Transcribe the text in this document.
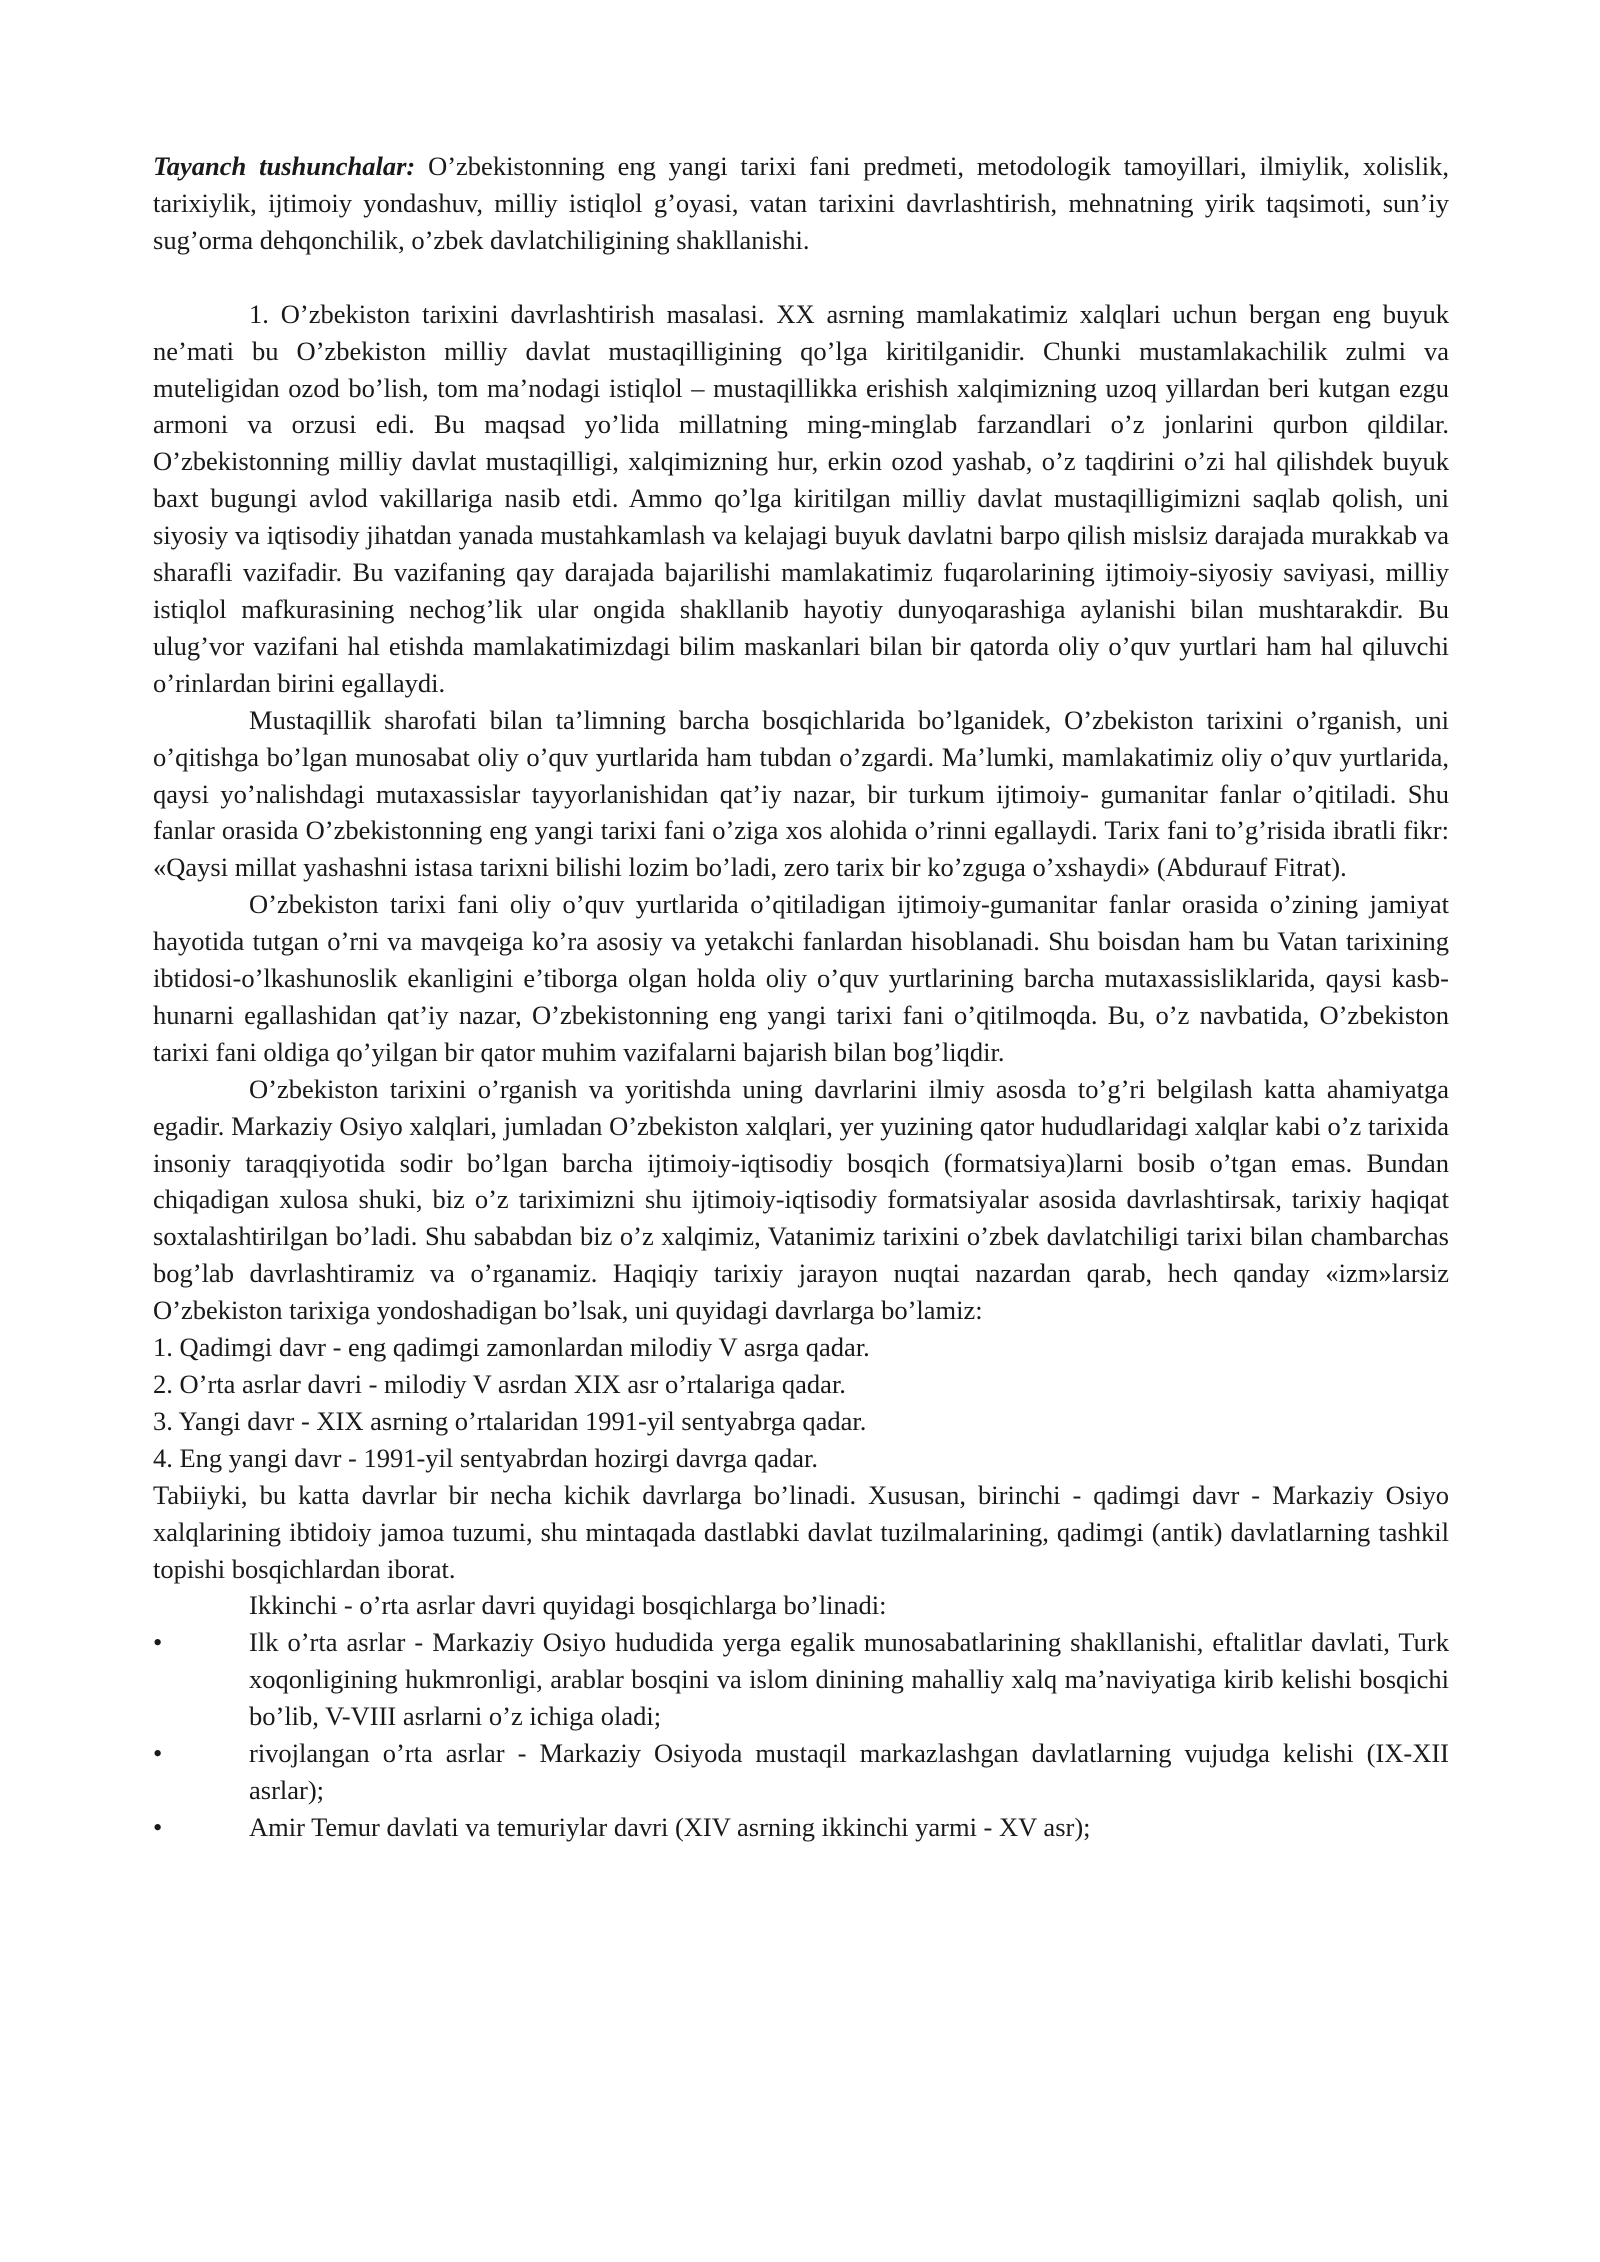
Tayanch tushunchalar: O’zbekistonning eng yangi tarixi fani predmeti, metodologik tamoyillari, ilmiylik, xolislik, tarixiylik, ijtimoiy yondashuv, milliy istiqlol g’oyasi, vatan tarixini davrlashtirish, mehnatning yirik taqsimoti, sun’iy sug’orma dehqonchilik, o’zbek davlatchiligining shakllanishi.

1. O’zbekiston tarixini davrlashtirish masalasi. XX asrning mamlakatimiz xalqlari uchun bergan eng buyuk ne’mati bu O’zbekiston milliy davlat mustaqilligining qo’lga kiritilganidir. Chunki mustamlakachilik zulmi va muteligidan ozod bo’lish, tom ma’nodagi istiqlol – mustaqillikka erishish xalqimizning uzoq yillardan beri kutgan ezgu armoni va orzusi edi. Bu maqsad yo’lida millatning ming-minglab farzandlari o’z jonlarini qurbon qildilar. O’zbekistonning milliy davlat mustaqilligi, xalqimizning hur, erkin ozod yashab, o’z taqdirini o’zi hal qilishdek buyuk baxt bugungi avlod vakillariga nasib etdi. Ammo qo’lga kiritilgan milliy davlat mustaqilligimizni saqlab qolish, uni siyosiy va iqtisodiy jihatdan yanada mustahkamlash va kelajagi buyuk davlatni barpo qilish mislsiz darajada murakkab va sharafli vazifadir. Bu vazifaning qay darajada bajarilishi mamlakatimiz fuqarolarining ijtimoiy-siyosiy saviyasi, milliy istiqlol mafkurasining nechog’lik ular ongida shakllanib hayotiy dunyoqarashiga aylanishi bilan mushtarakdir. Bu ulug’vor vazifani hal etishda mamlakatimizdagi bilim maskanlari bilan bir qatorda oliy o’quv yurtlari ham hal qiluvchi o’rinlardan birini egallaydi.

Mustaqillik sharofati bilan ta’limning barcha bosqichlarida bo’lganidek, O’zbekiston tarixini o’rganish, uni o’qitishga bo’lgan munosabat oliy o’quv yurtlarida ham tubdan o’zgardi. Ma’lumki, mamlakatimiz oliy o’quv yurtlarida, qaysi yo’nalishdagi mutaxassislar tayyorlanishidan qat’iy nazar, bir turkum ijtimoiy- gumanitar fanlar o’qitiladi. Shu fanlar orasida O’zbekistonning eng yangi tarixi fani o’ziga xos alohida o’rinni egallaydi. Tarix fani to’g’risida ibratli fikr: «Qaysi millat yashashni istasa tarixni bilishi lozim bo’ladi, zero tarix bir ko’zguga o’xshaydi» (Abdurauf Fitrat).

O’zbekiston tarixi fani oliy o’quv yurtlarida o’qitiladigan ijtimoiy-gumanitar fanlar orasida o’zining jamiyat hayotida tutgan o’rni va mavqeiga ko’ra asosiy va yetakchi fanlardan hisoblanadi. Shu boisdan ham bu Vatan tarixining ibtidosi-o’lkashunoslik ekanligini e’tiborga olgan holda oliy o’quv yurtlarining barcha mutaxassisliklarida, qaysi kasb-hunarni egallashidan qat’iy nazar, O’zbekistonning eng yangi tarixi fani o’qitilmoqda. Bu, o’z navbatida, O’zbekiston tarixi fani oldiga qo’yilgan bir qator muhim vazifalarni bajarish bilan bog’liqdir.

O’zbekiston tarixini o’rganish va yoritishda uning davrlarini ilmiy asosda to’g’ri belgilash katta ahamiyatga egadir. Markaziy Osiyo xalqlari, jumladan O’zbekiston xalqlari, yer yuzining qator hududlaridagi xalqlar kabi o’z tarixida insoniy taraqqiyotida sodir bo’lgan barcha ijtimoiy-iqtisodiy bosqich (formatsiya)larni bosib o’tgan emas. Bundan chiqadigan xulosa shuki, biz o’z tariximizni shu ijtimoiy-iqtisodiy formatsiyalar asosida davrlashtirsak, tarixiy haqiqat soxtalashtirilgan bo’ladi. Shu sababdan biz o’z xalqimiz, Vatanimiz tarixini o’zbek davlatchiligi tarixi bilan chambarchas bog’lab davrlashtiramiz va o’rganamiz. Haqiqiy tarixiy jarayon nuqtai nazardan qarab, hech qanday «izm»larsiz O’zbekiston tarixiga yondoshadigan bo’lsak, uni quyidagi davrlarga bo’lamiz:

1. Qadimgi davr - eng qadimgi zamonlardan milodiy V asrga qadar.

2. O’rta asrlar davri - milodiy V asrdan XIX asr o’rtalariga qadar.

3. Yangi davr - XIX asrning o’rtalaridan 1991-yil sentyabrga qadar.

4. Eng yangi davr - 1991-yil sentyabrdan hozirgi davrga qadar.

Tabiiyki, bu katta davrlar bir necha kichik davrlarga bo’linadi. Xususan, birinchi - qadimgi davr - Markaziy Osiyo xalqlarining ibtidoiy jamoa tuzumi, shu mintaqada dastlabki davlat tuzilmalarining, qadimgi (antik) davlatlarning tashkil topishi bosqichlardan iborat.

Ikkinchi - o’rta asrlar davri quyidagi bosqichlarga bo’linadi:

•	Ilk o’rta asrlar - Markaziy Osiyo hududida yerga egalik munosabatlarining shakllanishi, eftalitlar davlati, Turk xoqonligining hukmronligi, arablar bosqini va islom dinining mahalliy xalq ma’naviyatiga kirib kelishi bosqichi bo’lib, V-VIII asrlarni o’z ichiga oladi;
•	rivojlangan o’rta asrlar - Markaziy Osiyoda mustaqil markazlashgan davlatlarning vujudga kelishi (IX-XII asrlar);
•	Amir Temur davlati va temuriylar davri (XIV asrning ikkinchi yarmi - XV asr);
